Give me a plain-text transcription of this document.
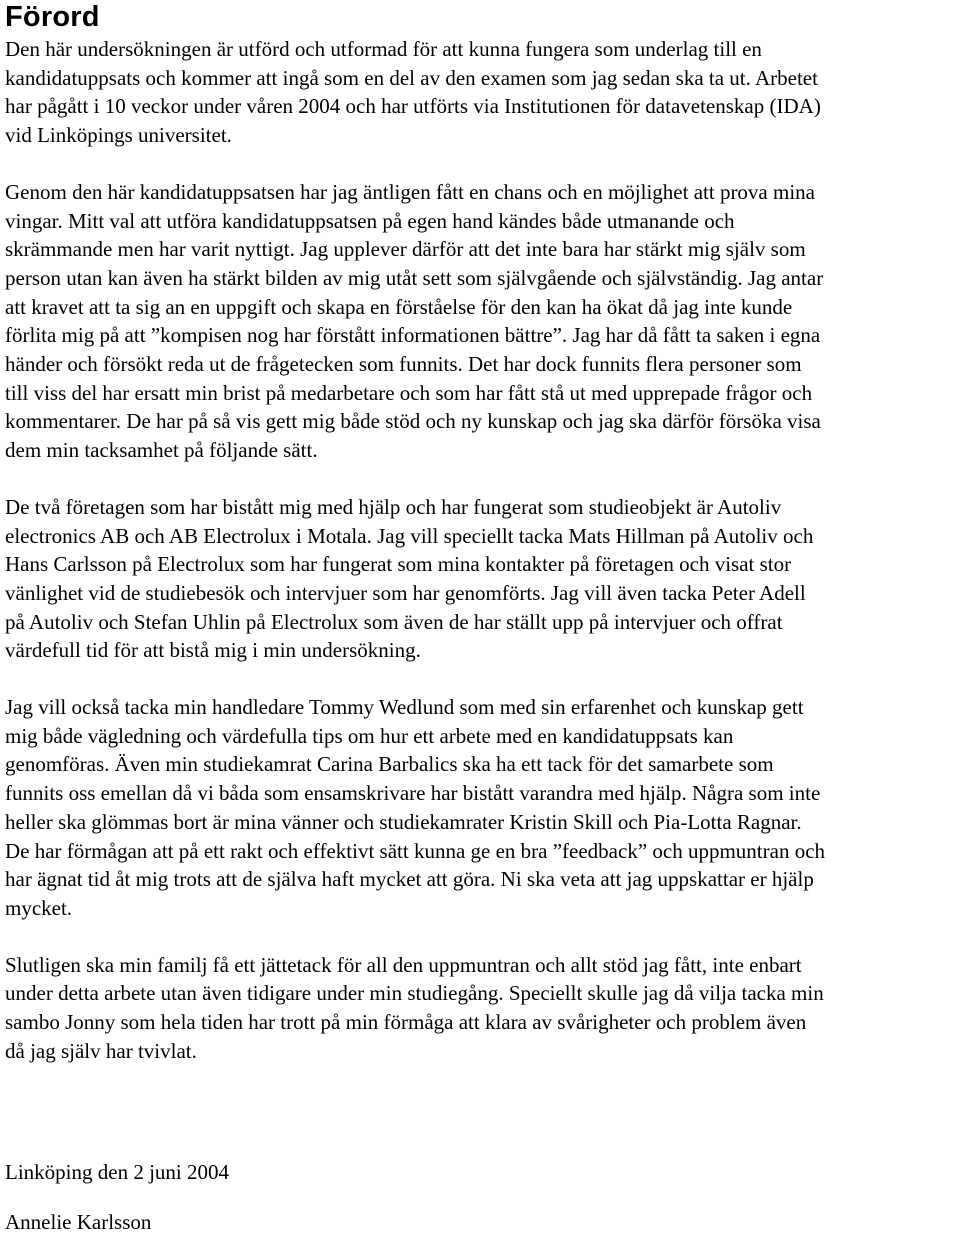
Förord
Den här undersökningen är utförd och utformad för att kunna fungera som underlag till en
kandidatuppsats och kommer att ingå som en del av den examen som jag sedan ska ta ut. Arbetet
har pågått i 10 veckor under våren 2004 och har utförts via Institutionen för datavetenskap (IDA)
vid Linköpings universitet.
Genom den här kandidatuppsatsen har jag äntligen fått en chans och en möjlighet att prova mina
vingar. Mitt val att utföra kandidatuppsatsen på egen hand kändes både utmanande och
skrämmande men har varit nyttigt. Jag upplever därför att det inte bara har stärkt mig själv som
person utan kan även ha stärkt bilden av mig utåt sett som självgående och självständig. Jag antar
att kravet att ta sig an en uppgift och skapa en förståelse för den kan ha ökat då jag inte kunde
förlita mig på att ”kompisen nog har förstått informationen bättre”. Jag har då fått ta saken i egna
händer och försökt reda ut de frågetecken som funnits. Det har dock funnits flera personer som
till viss del har ersatt min brist på medarbetare och som har fått stå ut med upprepade frågor och
kommentarer. De har på så vis gett mig både stöd och ny kunskap och jag ska därför försöka visa
dem min tacksamhet på följande sätt.
De två företagen som har bistått mig med hjälp och har fungerat som studieobjekt är Autoliv
electronics AB och AB Electrolux i Motala. Jag vill speciellt tacka Mats Hillman på Autoliv och
Hans Carlsson på Electrolux som har fungerat som mina kontakter på företagen och visat stor
vänlighet vid de studiebesök och intervjuer som har genomförts. Jag vill även tacka Peter Adell
på Autoliv och Stefan Uhlin på Electrolux som även de har ställt upp på intervjuer och offrat
värdefull tid för att bistå mig i min undersökning.
Jag vill också tacka min handledare Tommy Wedlund som med sin erfarenhet och kunskap gett
mig både vägledning och värdefulla tips om hur ett arbete med en kandidatuppsats kan
genomföras. Även min studiekamrat Carina Barbalics ska ha ett tack för det samarbete som
funnits oss emellan då vi båda som ensamskrivare har bistått varandra med hjälp. Några som inte
heller ska glömmas bort är mina vänner och studiekamrater Kristin Skill och Pia-Lotta Ragnar.
De har förmågan att på ett rakt och effektivt sätt kunna ge en bra ”feedback” och uppmuntran och
har ägnat tid åt mig trots att de själva haft mycket att göra. Ni ska veta att jag uppskattar er hjälp
mycket.
Slutligen ska min familj få ett jättetack för all den uppmuntran och allt stöd jag fått, inte enbart
under detta arbete utan även tidigare under min studiegång. Speciellt skulle jag då vilja tacka min
sambo Jonny som hela tiden har trott på min förmåga att klara av svårigheter och problem även
då jag själv har tvivlat.
Linköping den 2 juni 2004
Annelie Karlsson
